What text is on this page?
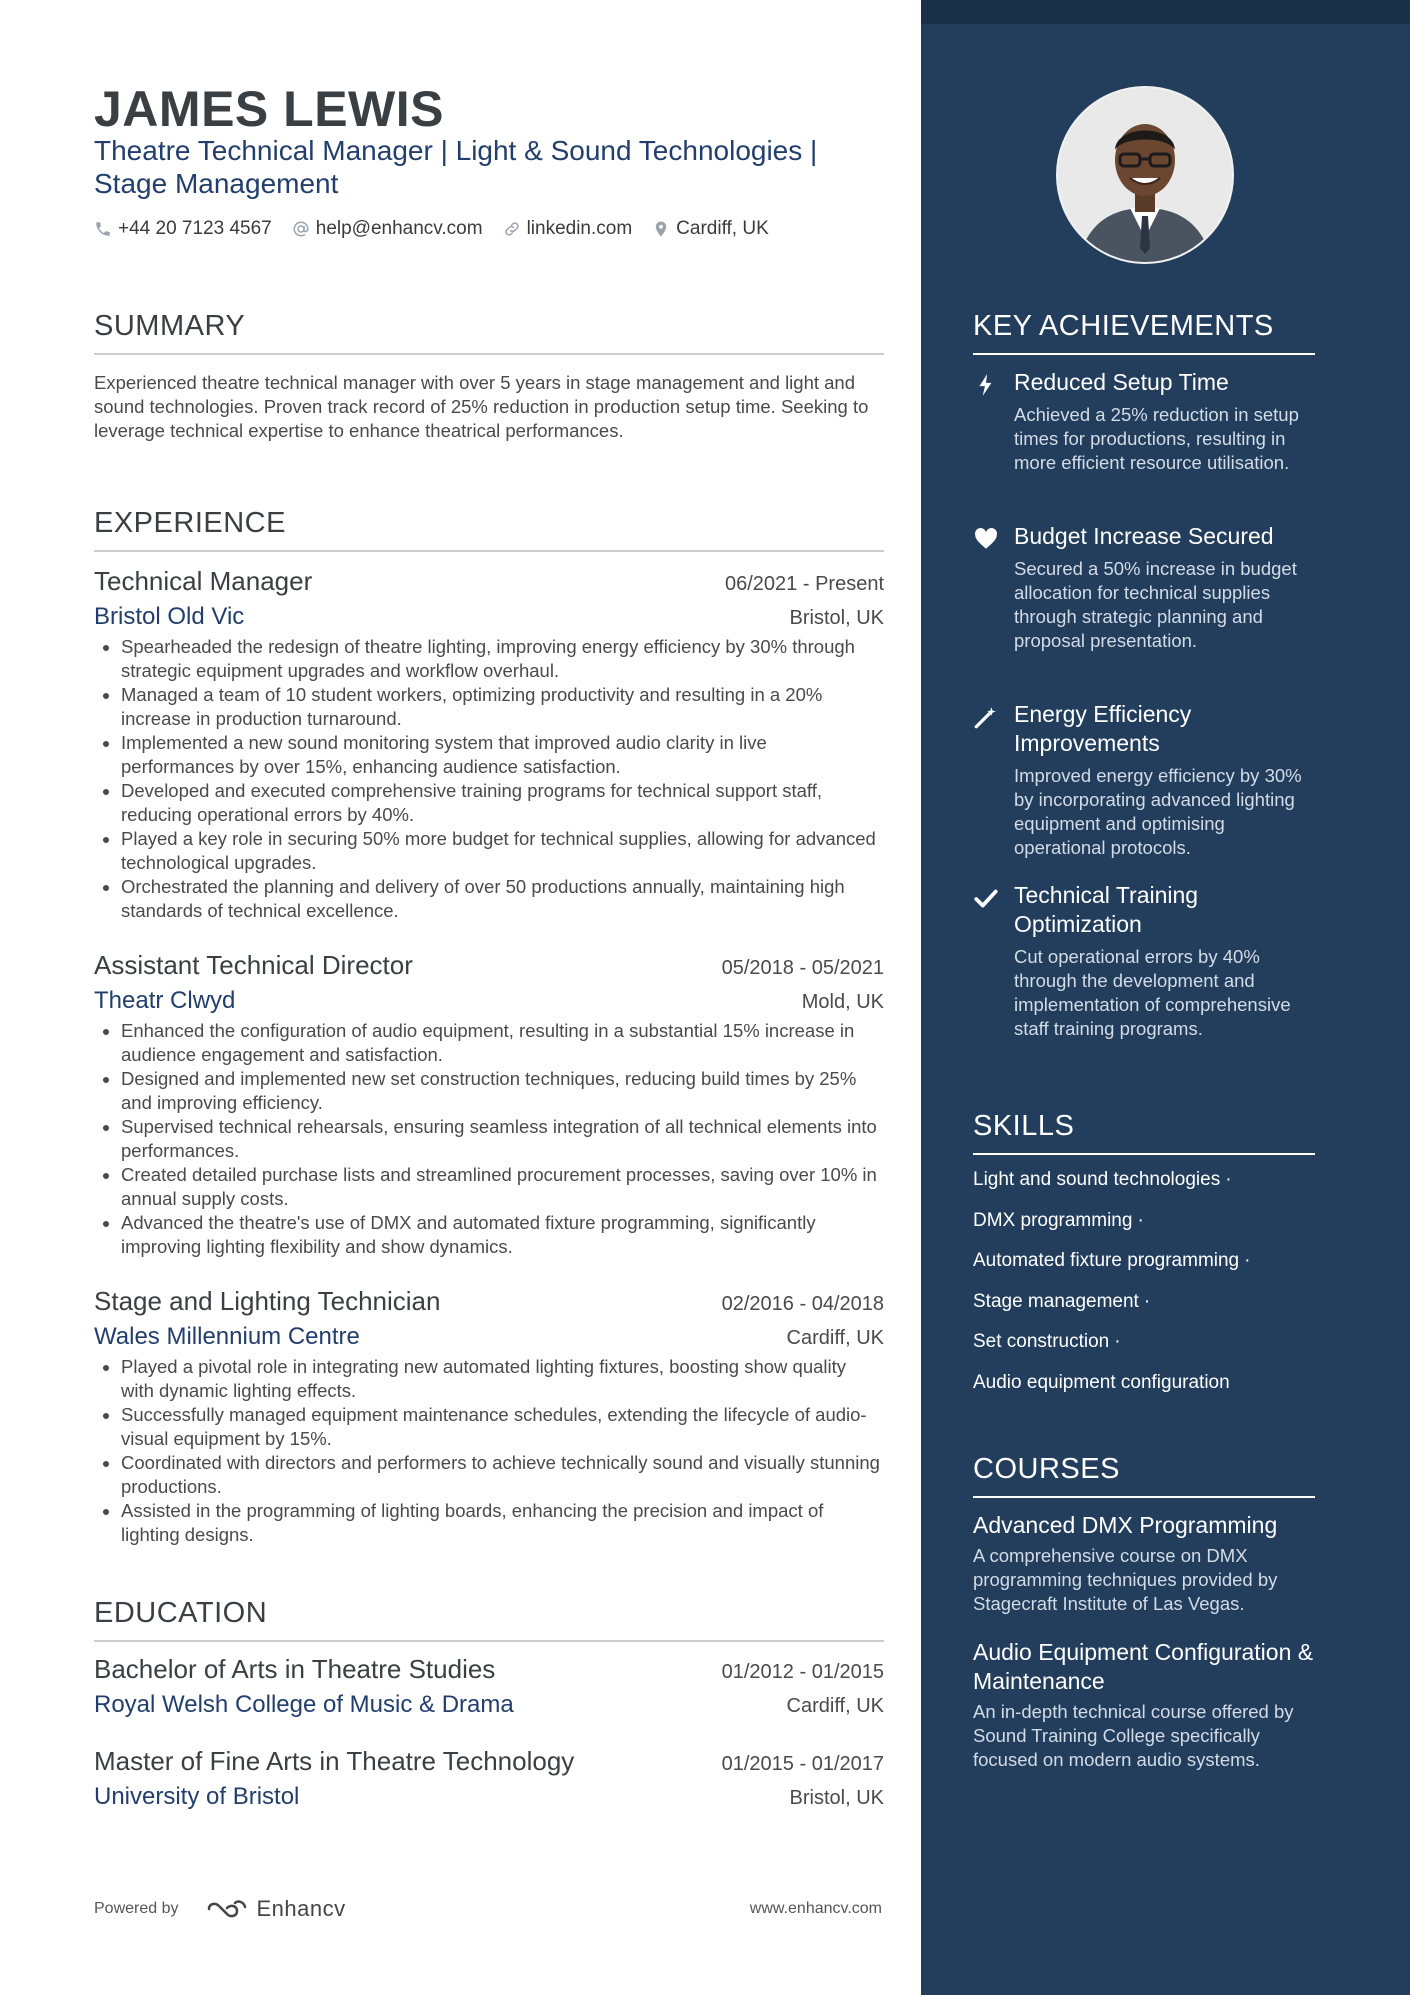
JAMES LEWIS
Theatre Technical Manager | Light & Sound Technologies | Stage Management
+44 20 7123 4567 help@enhancv.com linkedin.com Cardiff, UK
SUMMARY
Experienced theatre technical manager with over 5 years in stage management and light and sound technologies. Proven track record of 25% reduction in production setup time. Seeking to leverage technical expertise to enhance theatrical performances.
EXPERIENCE
Technical Manager	06/2021 - Present
Bristol Old Vic	Bristol, UK
• Spearheaded the redesign of theatre lighting, improving energy efficiency by 30% through strategic equipment upgrades and workflow overhaul.
• Managed a team of 10 student workers, optimizing productivity and resulting in a 20% increase in production turnaround.
• Implemented a new sound monitoring system that improved audio clarity in live performances by over 15%, enhancing audience satisfaction.
• Developed and executed comprehensive training programs for technical support staff, reducing operational errors by 40%.
• Played a key role in securing 50% more budget for technical supplies, allowing for advanced technological upgrades.
• Orchestrated the planning and delivery of over 50 productions annually, maintaining high standards of technical excellence.
Assistant Technical Director	05/2018 - 05/2021
Theatr Clwyd	Mold, UK
• Enhanced the configuration of audio equipment, resulting in a substantial 15% increase in audience engagement and satisfaction.
• Designed and implemented new set construction techniques, reducing build times by 25% and improving efficiency.
• Supervised technical rehearsals, ensuring seamless integration of all technical elements into performances.
• Created detailed purchase lists and streamlined procurement processes, saving over 10% in annual supply costs.
• Advanced the theatre's use of DMX and automated fixture programming, significantly improving lighting flexibility and show dynamics.
Stage and Lighting Technician	02/2016 - 04/2018
Wales Millennium Centre	Cardiff, UK
• Played a pivotal role in integrating new automated lighting fixtures, boosting show quality with dynamic lighting effects.
• Successfully managed equipment maintenance schedules, extending the lifecycle of audio-visual equipment by 15%.
• Coordinated with directors and performers to achieve technically sound and visually stunning productions.
• Assisted in the programming of lighting boards, enhancing the precision and impact of lighting designs.
EDUCATION
Bachelor of Arts in Theatre Studies	01/2012 - 01/2015
Royal Welsh College of Music & Drama	Cardiff, UK
Master of Fine Arts in Theatre Technology	01/2015 - 01/2017
University of Bristol	Bristol, UK
Powered by	Enhancv	www.enhancv.com
KEY ACHIEVEMENTS
Reduced Setup Time
Achieved a 25% reduction in setup times for productions, resulting in more efficient resource utilisation.
Budget Increase Secured
Secured a 50% increase in budget allocation for technical supplies through strategic planning and proposal presentation.
Energy Efficiency Improvements
Improved energy efficiency by 30% by incorporating advanced lighting equipment and optimising operational protocols.
Technical Training Optimization
Cut operational errors by 40% through the development and implementation of comprehensive staff training programs.
SKILLS
Light and sound technologies ·
DMX programming ·
Automated fixture programming ·
Stage management ·
Set construction ·
Audio equipment configuration
COURSES
Advanced DMX Programming
A comprehensive course on DMX programming techniques provided by Stagecraft Institute of Las Vegas.
Audio Equipment Configuration & Maintenance
An in-depth technical course offered by Sound Training College specifically focused on modern audio systems.
